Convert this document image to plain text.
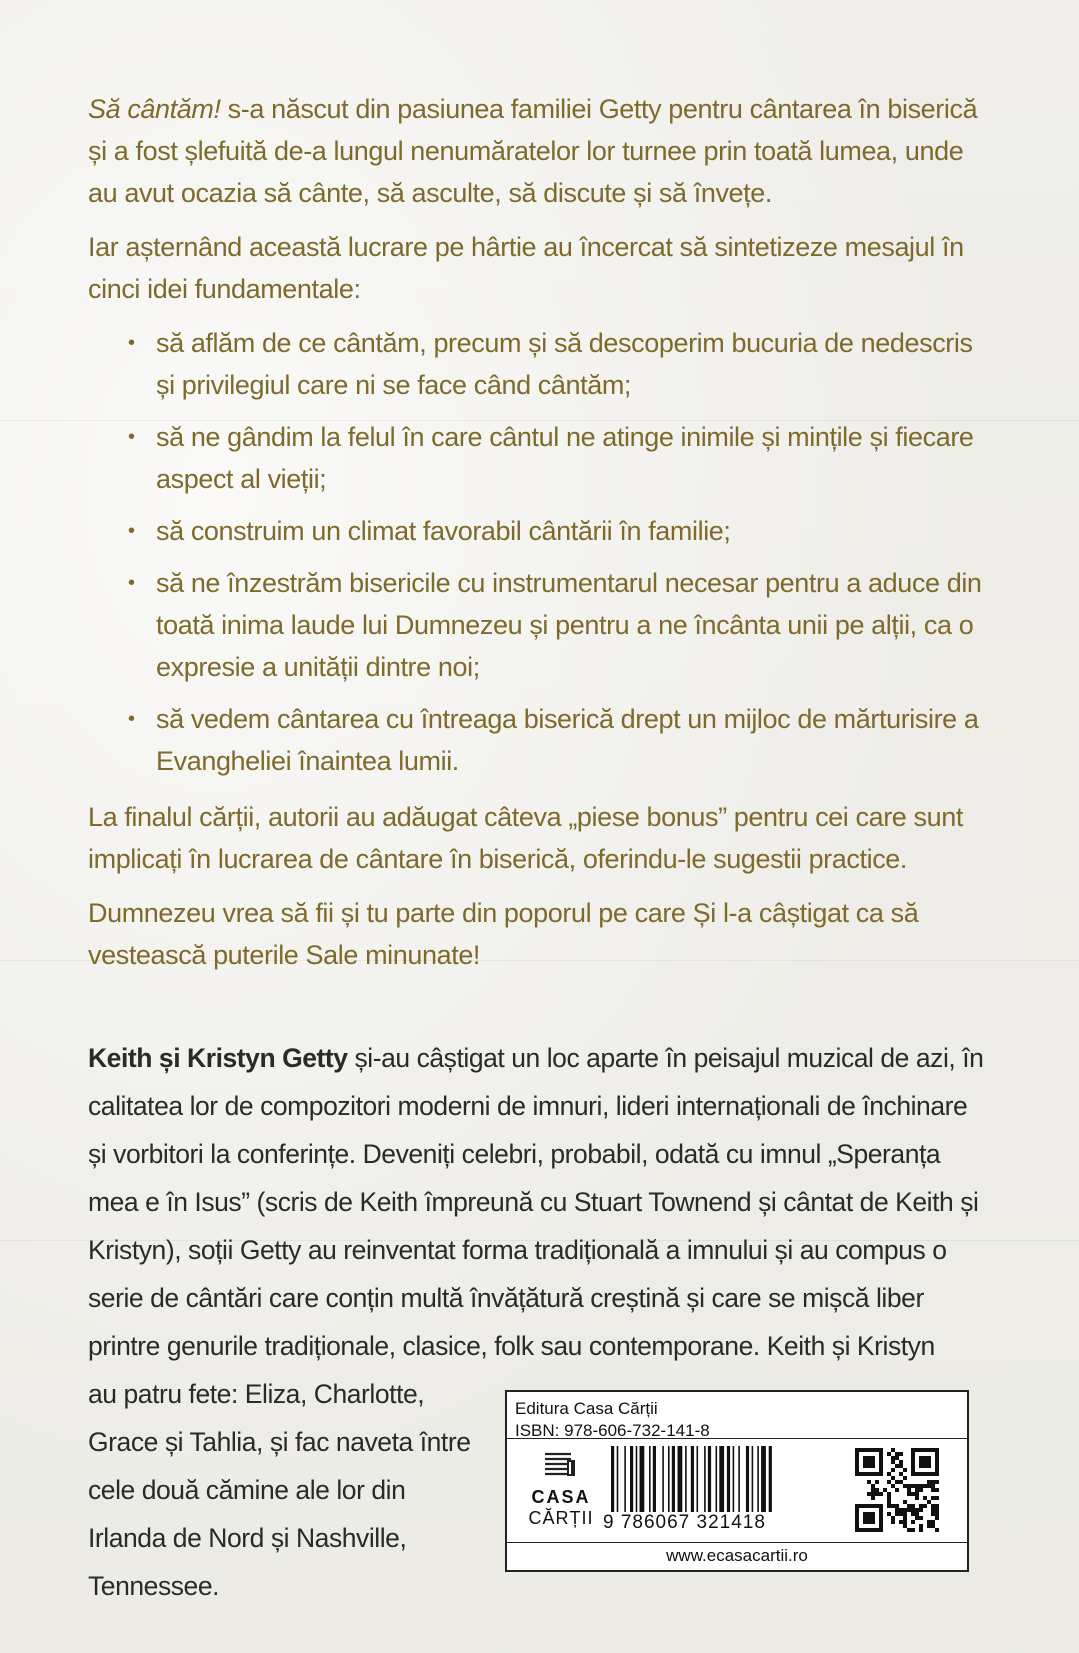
Să cântăm! s-a născut din pasiunea familiei Getty pentru cântarea în biserică și a fost șlefuită de-a lungul nenumăratelor lor turnee prin toată lumea, unde au avut ocazia să cânte, să asculte, să discute și să învețe.

Iar așternând această lucrare pe hârtie au încercat să sintetizeze mesajul în cinci idei fundamentale:

• să aflăm de ce cântăm, precum și să descoperim bucuria de nedescris și privilegiul care ni se face când cântăm;
• să ne gândim la felul în care cântul ne atinge inimile și mințile și fiecare aspect al vieții;
• să construim un climat favorabil cântării în familie;
• să ne înzestrăm bisericile cu instrumentarul necesar pentru a aduce din toată inima laude lui Dumnezeu și pentru a ne încânta unii pe alții, ca o expresie a unității dintre noi;
• să vedem cântarea cu întreaga biserică drept un mijloc de mărturisire a Evangheliei înaintea lumii.

La finalul cărții, autorii au adăugat câteva „piese bonus” pentru cei care sunt implicați în lucrarea de cântare în biserică, oferindu-le sugestii practice.

Dumnezeu vrea să fii și tu parte din poporul pe care Și l-a câștigat ca să vestească puterile Sale minunate!

Keith și Kristyn Getty și-au câștigat un loc aparte în peisajul muzical de azi, în calitatea lor de compozitori moderni de imnuri, lideri internaționali de închinare și vorbitori la conferințe. Deveniți celebri, probabil, odată cu imnul „Speranța mea e în Isus” (scris de Keith împreună cu Stuart Townend și cântat de Keith și Kristyn), soții Getty au reinventat forma tradițională a imnului și au compus o serie de cântări care conțin multă învățătură creștină și care se mișcă liber printre genurile tradiționale, clasice, folk sau contemporane. Keith și Kristyn

au patru fete: Eliza, Charlotte, Grace și Tahlia, și fac naveta între cele două cămine ale lor din Irlanda de Nord și Nashville, Tennessee.

Editura Casa Cărții
ISBN: 978-606-732-141-8
CASA
CĂRȚII 9 786067 321418
www.ecasacartii.ro
